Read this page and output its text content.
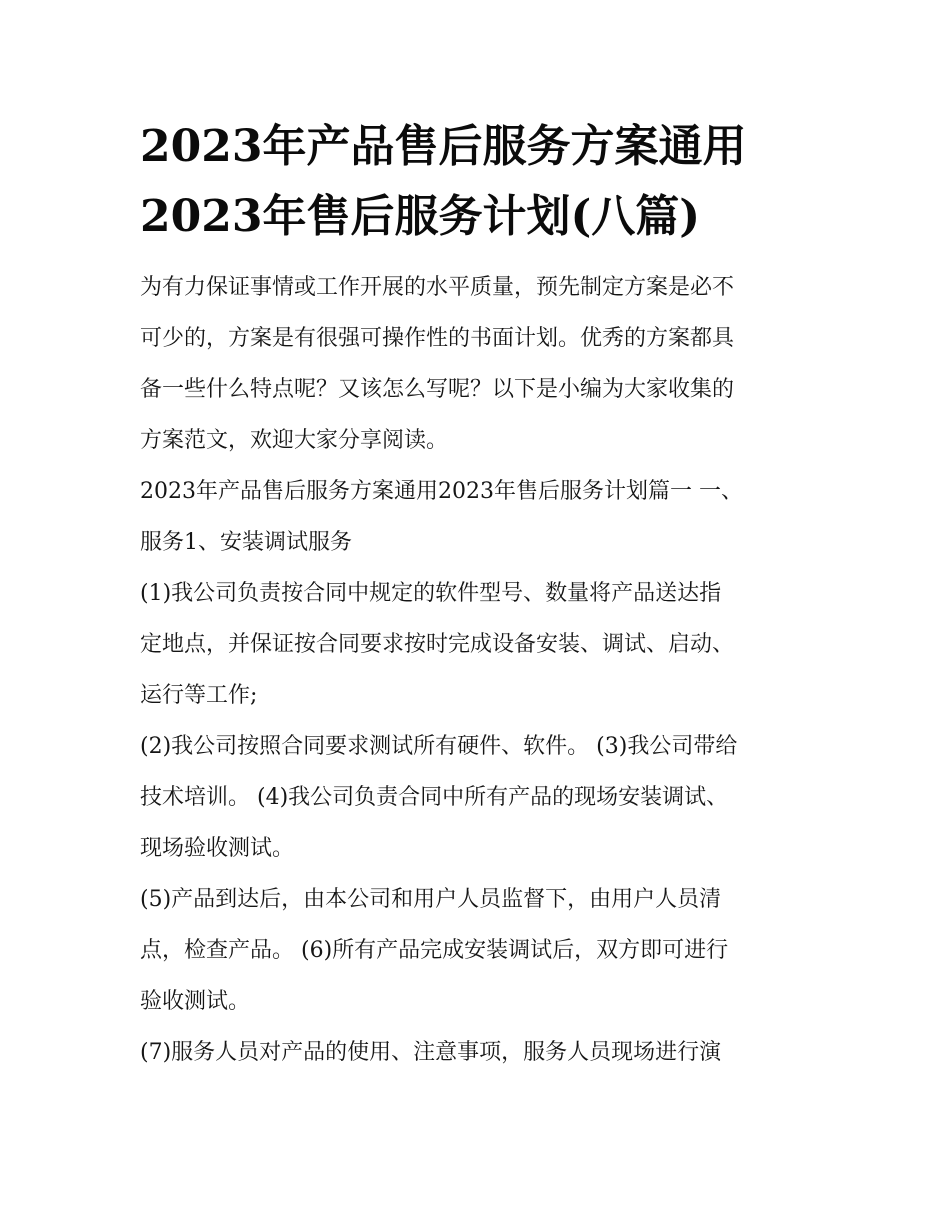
2023年产品售后服务方案通用
2023年售后服务计划(八篇)

为有力保证事情或工作开展的水平质量，预先制定方案是必不
可少的，方案是有很强可操作性的书面计划。优秀的方案都具
备一些什么特点呢？又该怎么写呢？以下是小编为大家收集的
方案范文，欢迎大家分享阅读。

2023年产品售后服务方案通用2023年售后服务计划篇一 一、
服务1、安装调试服务

(1)我公司负责按合同中规定的软件型号、数量将产品送达指
定地点，并保证按合同要求按时完成设备安装、调试、启动、
运行等工作;

(2)我公司按照合同要求测试所有硬件、软件。 (3)我公司带给
技术培训。 (4)我公司负责合同中所有产品的现场安装调试、
现场验收测试。

(5)产品到达后，由本公司和用户人员监督下，由用户人员清
点，检查产品。 (6)所有产品完成安装调试后，双方即可进行
验收测试。

(7)服务人员对产品的使用、注意事项，服务人员现场进行演
